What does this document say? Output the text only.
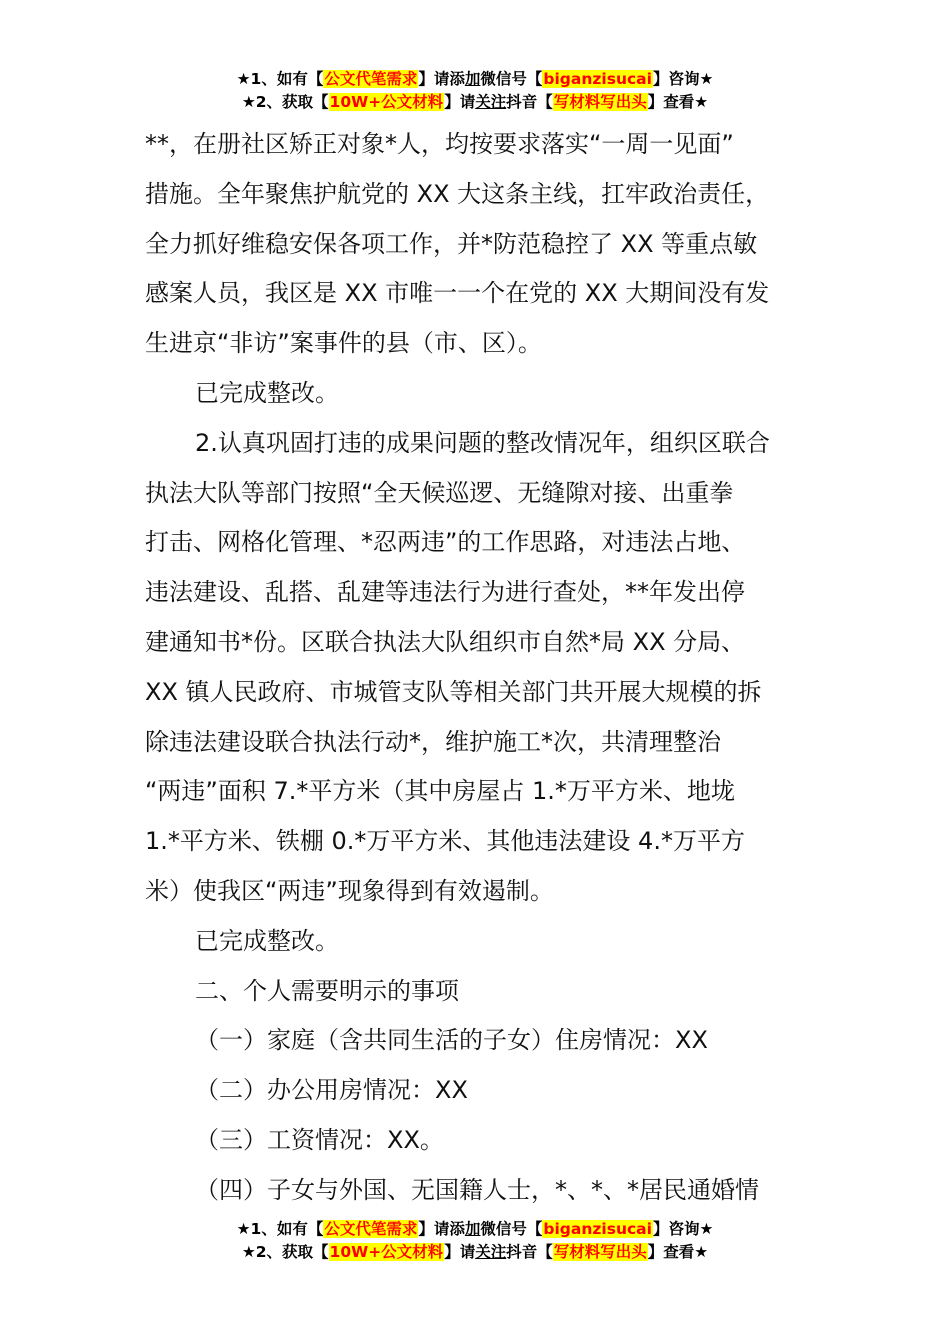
★1、如有【公文代笔需求】请添加微信号【biganzisucai】咨询★
★2、获取【10W+公文材料】请关注抖音【写材料写出头】查看★

**，在册社区矫正对象*人，均按要求落实“一周一见面”

措施。全年聚焦护航党的 XX 大这条主线，扛牢政治责任，

全力抓好维稳安保各项工作，并*防范稳控了 XX 等重点敏

感案人员，我区是 XX 市唯一一个在党的 XX 大期间没有发

生进京“非访”案事件的县（市、区）。

已完成整改。

2.认真巩固打违的成果问题的整改情况年，组织区联合

执法大队等部门按照“全天候巡逻、无缝隙对接、出重拳

打击、网格化管理、*忍两违”的工作思路，对违法占地、

违法建设、乱搭、乱建等违法行为进行查处，**年发出停

建通知书*份。区联合执法大队组织市自然*局 XX 分局、

XX 镇人民政府、市城管支队等相关部门共开展大规模的拆

除违法建设联合执法行动*，维护施工*次，共清理整治

“两违”面积 7.*平方米（其中房屋占 1.*万平方米、地垅

1.*平方米、铁棚 0.*万平方米、其他违法建设 4.*万平方

米）使我区“两违”现象得到有效遏制。

已完成整改。

二、个人需要明示的事项

（一）家庭（含共同生活的子女）住房情况：XX

（二）办公用房情况：XX

（三）工资情况：XX。

（四）子女与外国、无国籍人士，*、*、*居民通婚情

★1、如有【公文代笔需求】请添加微信号【biganzisucai】咨询★
★2、获取【10W+公文材料】请关注抖音【写材料写出头】查看★
